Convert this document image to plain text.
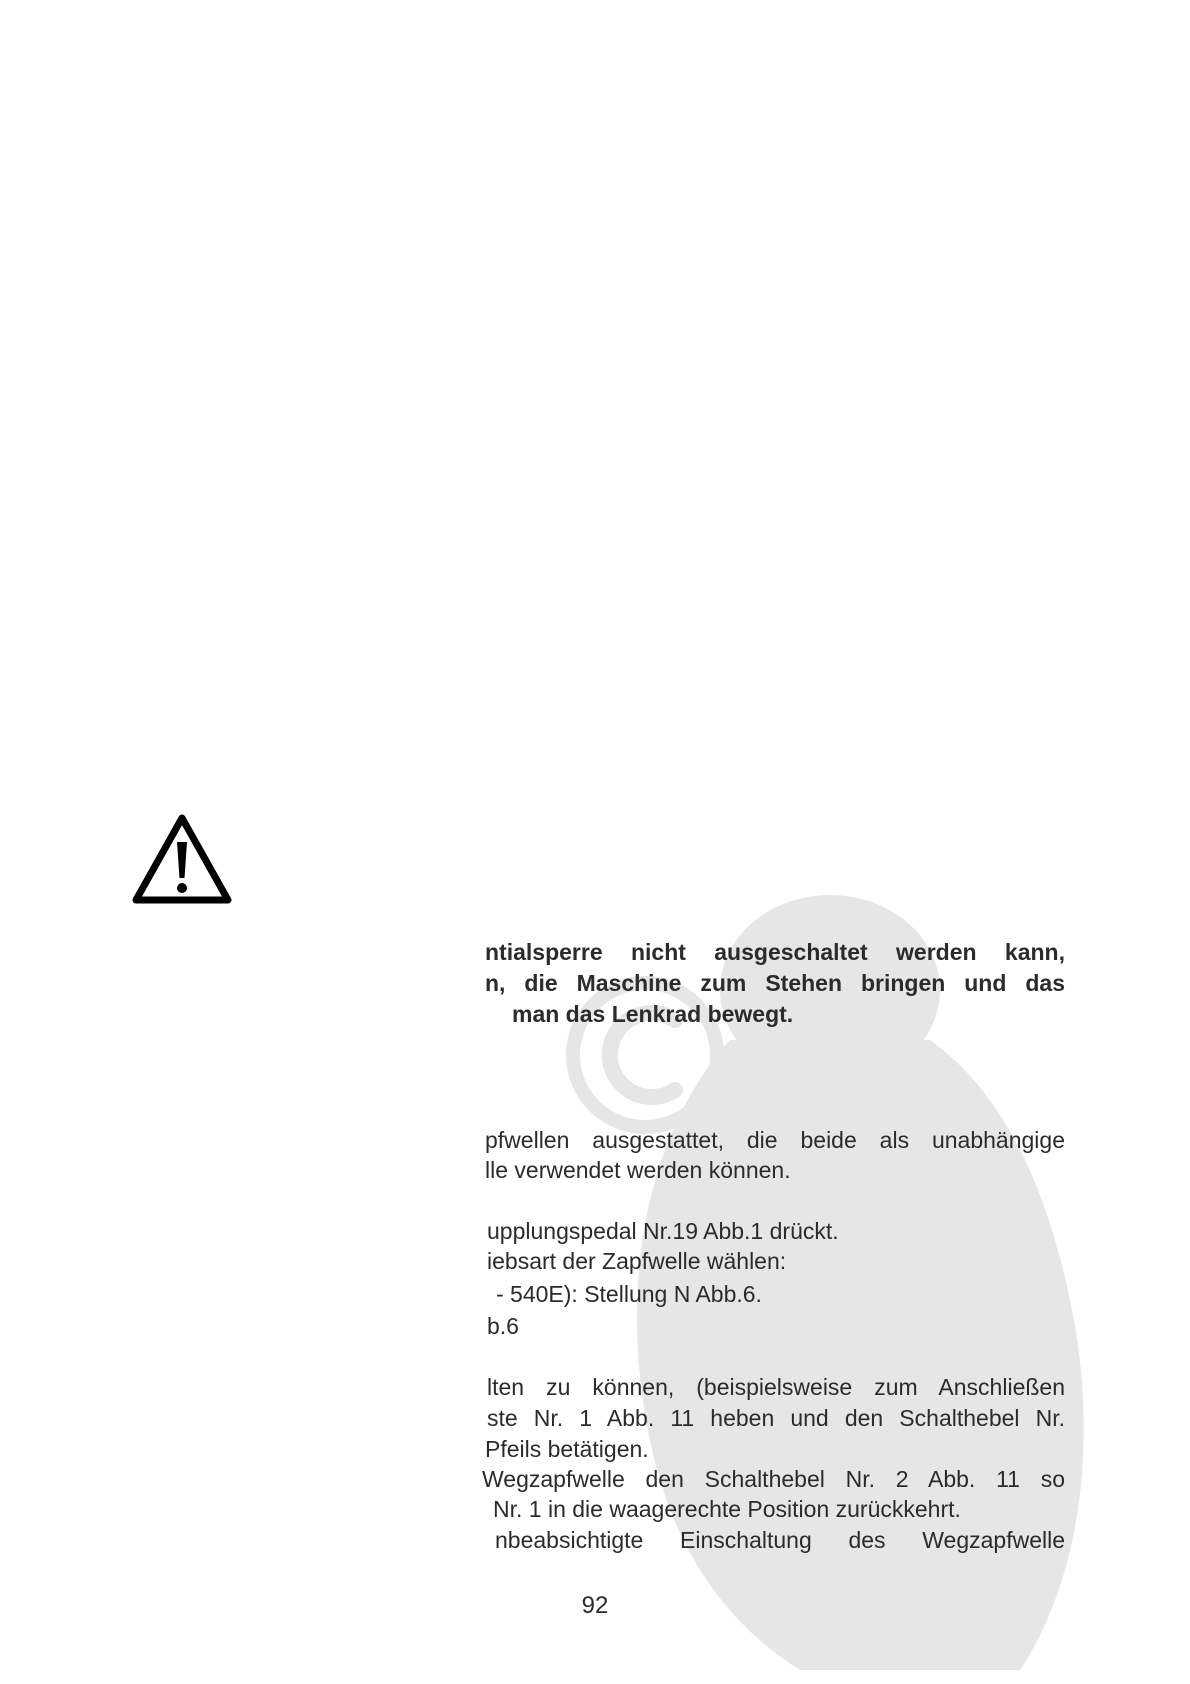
ntialsperre nicht ausgeschaltet werden kann,
n, die Maschine zum Stehen bringen und das
man das Lenkrad bewegt.
pfwellen ausgestattet, die beide als unabhängige
lle verwendet werden können.
upplungspedal Nr.19 Abb.1 drückt.
iebsart der Zapfwelle wählen:
- 540E): Stellung N Abb.6.
b.6
lten zu können, (beispielsweise zum Anschließen
ste Nr. 1 Abb. 11 heben und den Schalthebel Nr.
Pfeils betätigen.
Wegzapfwelle den Schalthebel Nr. 2 Abb. 11 so
Nr. 1 in die waagerechte Position zurückkehrt.
nbeabsichtigte Einschaltung des Wegzapfwelle
92
